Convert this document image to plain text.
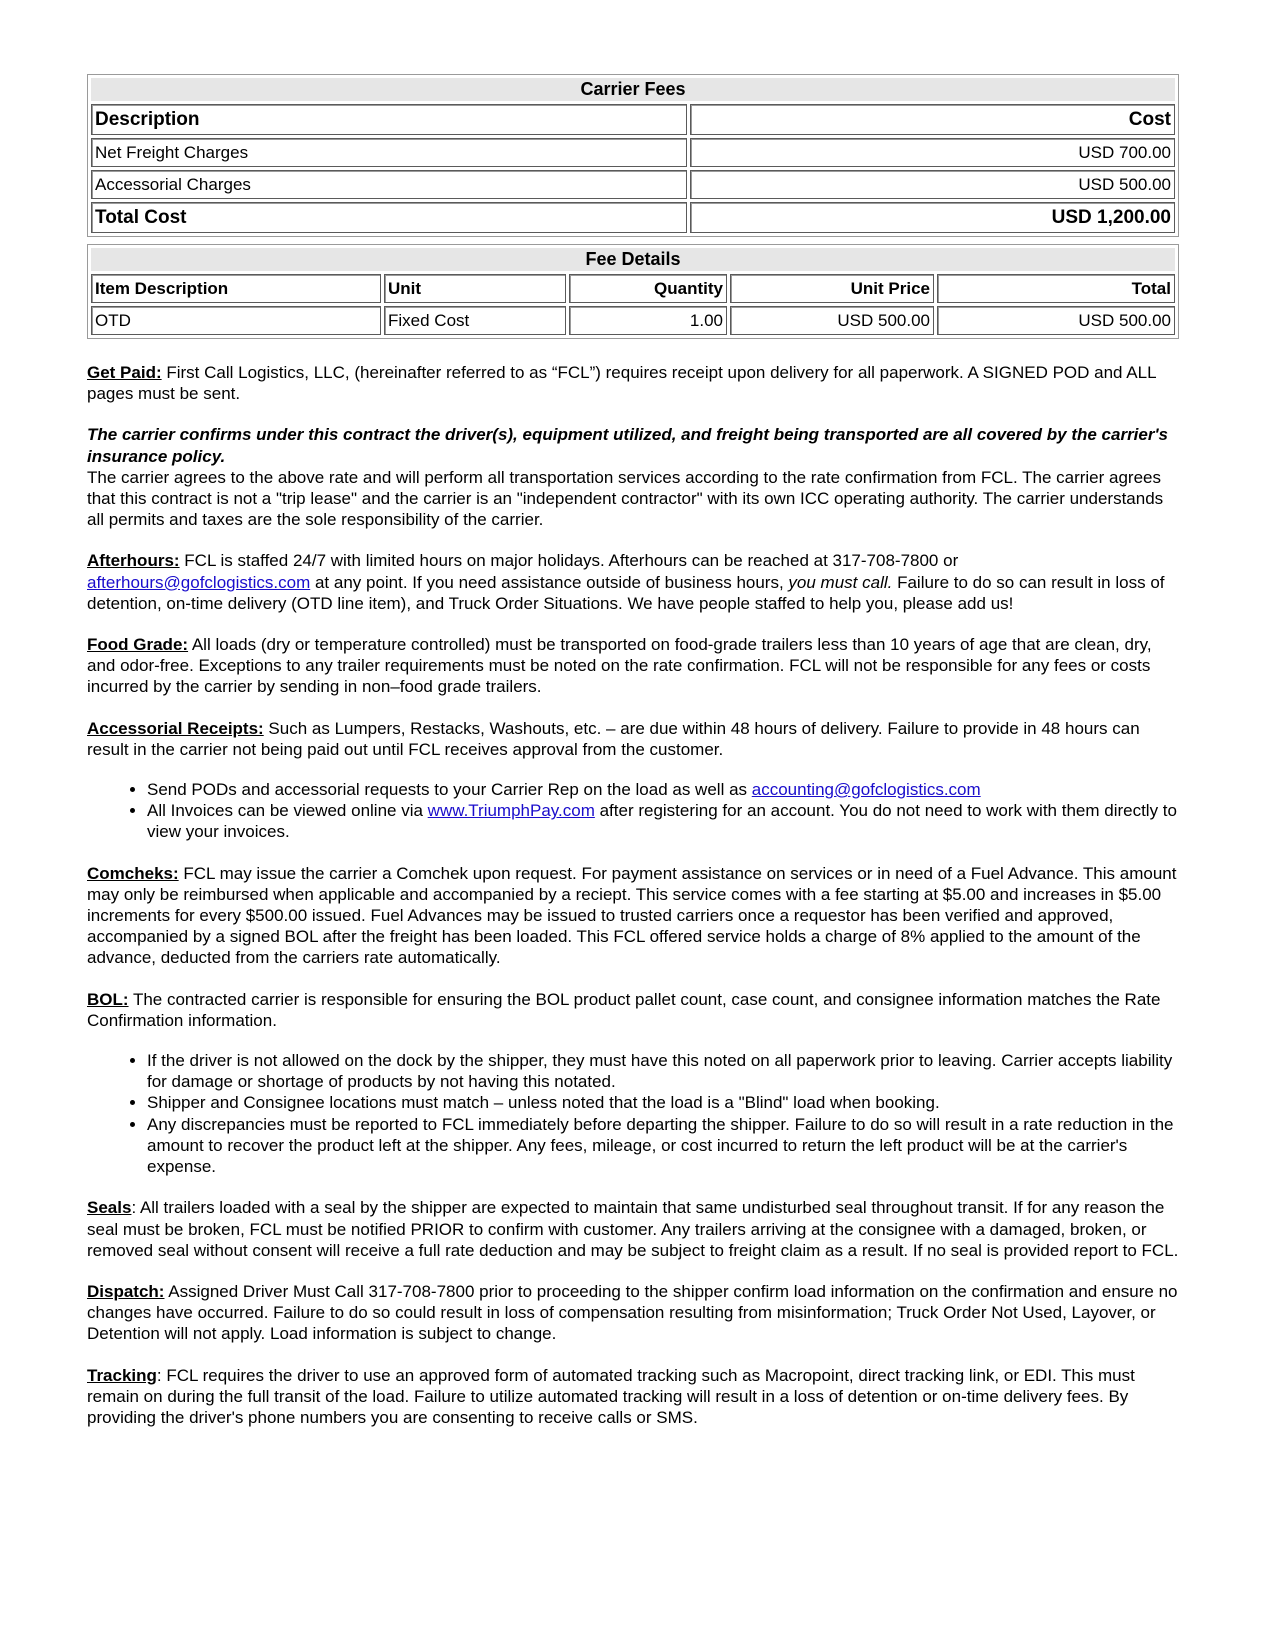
Carrier Fees	
Description	Cost
Net Freight Charges	USD 700.00
Accessorial Charges	USD 500.00
Total Cost	USD 1,200.00
Fee Details				
Item Description	Unit	Quantity	Unit Price	Total
OTD	Fixed Cost	1.00	USD 500.00	USD 500.00

Get Paid: First Call Logistics, LLC, (hereinafter referred to as “FCL”) requires receipt upon delivery for all paperwork. A SIGNED POD and ALL pages must be sent.

The carrier confirms under this contract the driver(s), equipment utilized, and freight being transported are all covered by the carrier's insurance policy.
The carrier agrees to the above rate and will perform all transportation services according to the rate confirmation from FCL. The carrier agrees that this contract is not a "trip lease" and the carrier is an "independent contractor" with its own ICC operating authority. The carrier understands all permits and taxes are the sole responsibility of the carrier.

Afterhours: FCL is staffed 24/7 with limited hours on major holidays. Afterhours can be reached at 317-708-7800 or afterhours@gofclogistics.com at any point. If you need assistance outside of business hours, you must call. Failure to do so can result in loss of detention, on-time delivery (OTD line item), and Truck Order Situations. We have people staffed to help you, please add us!

Food Grade: All loads (dry or temperature controlled) must be transported on food-grade trailers less than 10 years of age that are clean, dry, and odor-free. Exceptions to any trailer requirements must be noted on the rate confirmation. FCL will not be responsible for any fees or costs incurred by the carrier by sending in non–food grade trailers.

Accessorial Receipts: Such as Lumpers, Restacks, Washouts, etc. – are due within 48 hours of delivery. Failure to provide in 48 hours can result in the carrier not being paid out until FCL receives approval from the customer.

• Send PODs and accessorial requests to your Carrier Rep on the load as well as accounting@gofclogistics.com
• All Invoices can be viewed online via www.TriumphPay.com after registering for an account. You do not need to work with them directly to view your invoices.

Comcheks: FCL may issue the carrier a Comchek upon request. For payment assistance on services or in need of a Fuel Advance. This amount may only be reimbursed when applicable and accompanied by a reciept. This service comes with a fee starting at $5.00 and increases in $5.00 increments for every $500.00 issued. Fuel Advances may be issued to trusted carriers once a requestor has been verified and approved, accompanied by a signed BOL after the freight has been loaded. This FCL offered service holds a charge of 8% applied to the amount of the advance, deducted from the carriers rate automatically.

BOL: The contracted carrier is responsible for ensuring the BOL product pallet count, case count, and consignee information matches the Rate Confirmation information.

• If the driver is not allowed on the dock by the shipper, they must have this noted on all paperwork prior to leaving. Carrier accepts liability for damage or shortage of products by not having this notated.
• Shipper and Consignee locations must match – unless noted that the load is a "Blind" load when booking.
• Any discrepancies must be reported to FCL immediately before departing the shipper. Failure to do so will result in a rate reduction in the amount to recover the product left at the shipper. Any fees, mileage, or cost incurred to return the left product will be at the carrier's expense.

Seals: All trailers loaded with a seal by the shipper are expected to maintain that same undisturbed seal throughout transit. If for any reason the seal must be broken, FCL must be notified PRIOR to confirm with customer. Any trailers arriving at the consignee with a damaged, broken, or removed seal without consent will receive a full rate deduction and may be subject to freight claim as a result. If no seal is provided report to FCL.

Dispatch: Assigned Driver Must Call 317-708-7800 prior to proceeding to the shipper confirm load information on the confirmation and ensure no changes have occurred. Failure to do so could result in loss of compensation resulting from misinformation; Truck Order Not Used, Layover, or Detention will not apply. Load information is subject to change.

Tracking: FCL requires the driver to use an approved form of automated tracking such as Macropoint, direct tracking link, or EDI. This must remain on during the full transit of the load. Failure to utilize automated tracking will result in a loss of detention or on-time delivery fees. By providing the driver's phone numbers you are consenting to receive calls or SMS.
